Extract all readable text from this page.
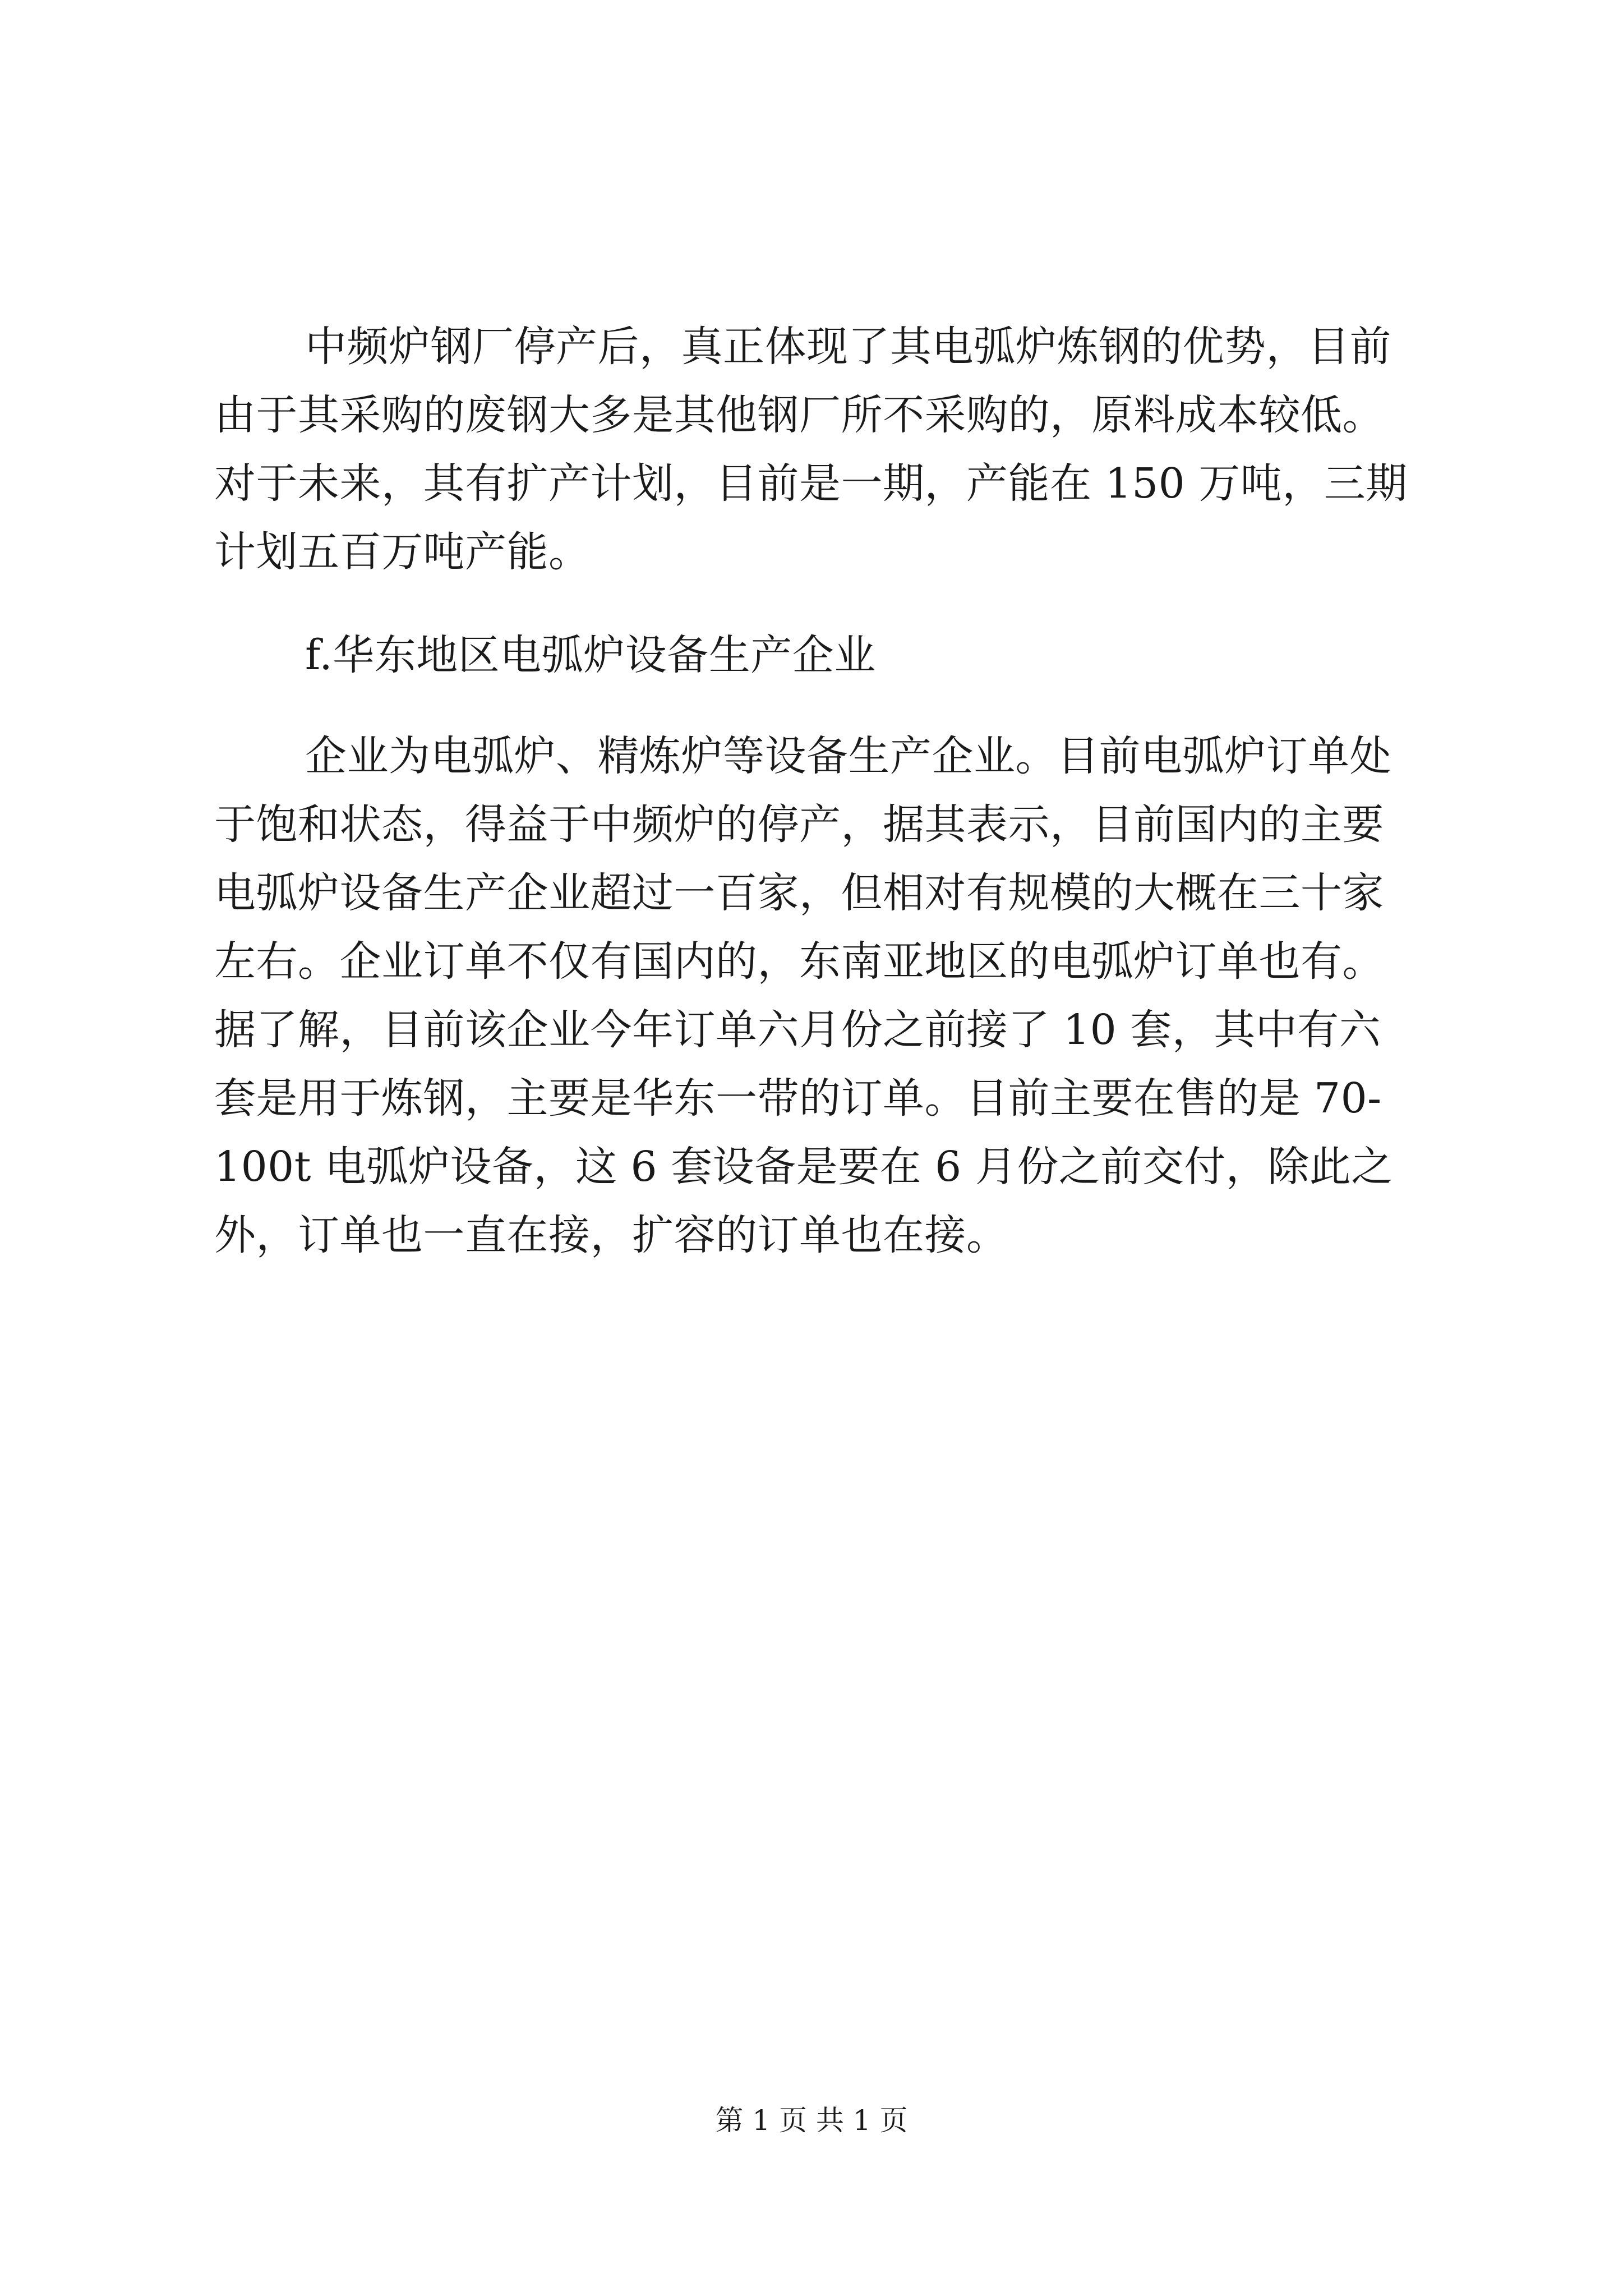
中频炉钢厂停产后，真正体现了其电弧炉炼钢的优势，目前
由于其采购的废钢大多是其他钢厂所不采购的，原料成本较低。
对于未来，其有扩产计划，目前是一期，产能在 150 万吨，三期
计划五百万吨产能。
f.华东地区电弧炉设备生产企业
企业为电弧炉、精炼炉等设备生产企业。目前电弧炉订单处
于饱和状态，得益于中频炉的停产，据其表示，目前国内的主要
电弧炉设备生产企业超过一百家，但相对有规模的大概在三十家
左右。企业订单不仅有国内的，东南亚地区的电弧炉订单也有。
据了解，目前该企业今年订单六月份之前接了 10 套，其中有六
套是用于炼钢，主要是华东一带的订单。目前主要在售的是 70-
100t 电弧炉设备，这 6 套设备是要在 6 月份之前交付，除此之
外，订单也一直在接，扩容的订单也在接。
第 1 页 共 1 页
